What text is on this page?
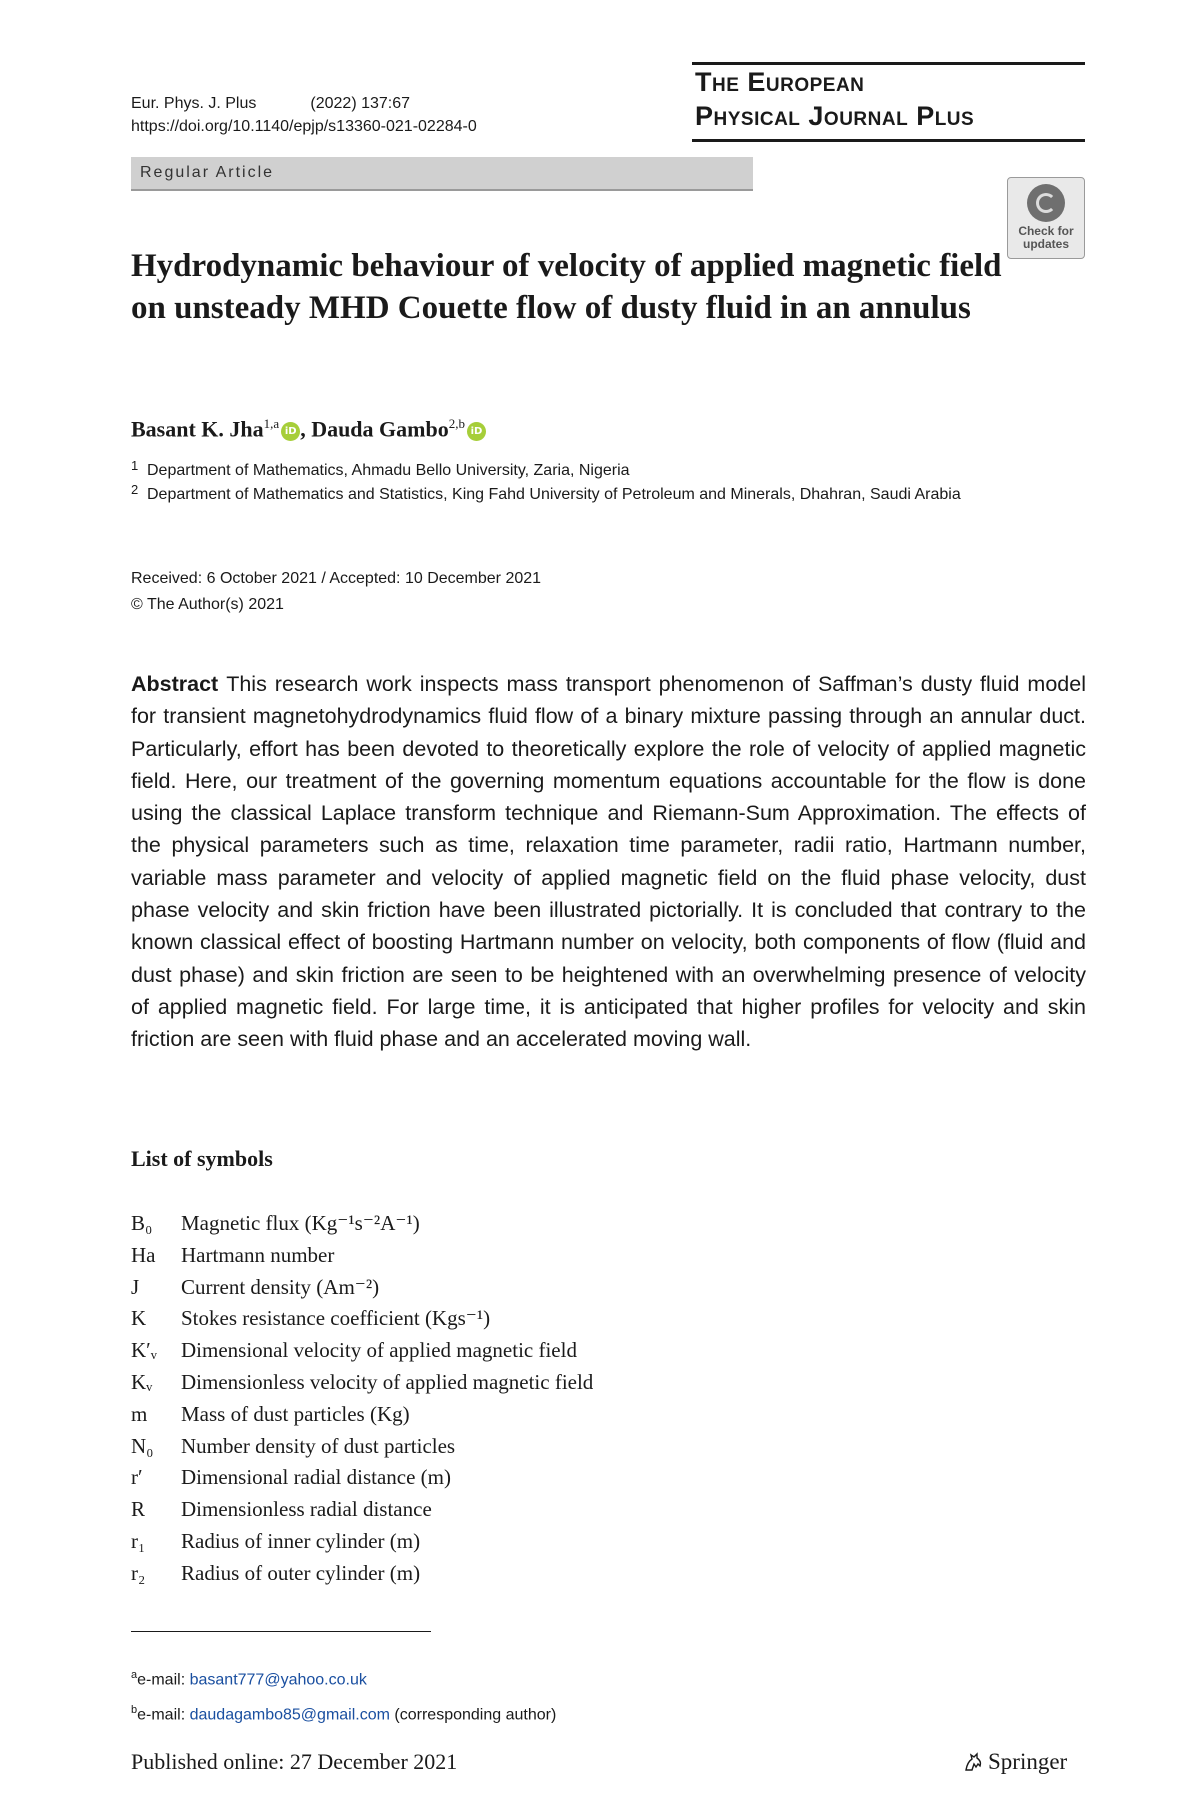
Eur. Phys. J. Plus	(2022) 137:67
https://doi.org/10.1140/epjp/s13360-021-02284-0
The European
Physical Journal Plus
Regular Article
Check for
updates
Hydrodynamic behaviour of velocity of applied magnetic field on unsteady MHD Couette flow of dusty fluid in an annulus
Basant K. Jha$^{1,a}$iD , Dauda Gambo$^{2,b}$iD
1 Department of Mathematics, Ahmadu Bello University, Zaria, Nigeria
2 Department of Mathematics and Statistics, King Fahd University of Petroleum and Minerals, Dhahran, Saudi Arabia
Received: 6 October 2021 / Accepted: 10 December 2021
© The Author(s) 2021

Abstract This research work inspects mass transport phenomenon of Saffman’s dusty fluid model for transient magnetohydrodynamics fluid flow of a binary mixture passing through an annular duct. Particularly, effort has been devoted to theoretically explore the role of velocity of applied magnetic field. Here, our treatment of the governing momentum equations accountable for the flow is done using the classical Laplace transform technique and Riemann-Sum Approximation. The effects of the physical parameters such as time, relaxation time parameter, radii ratio, Hartmann number, variable mass parameter and velocity of applied magnetic field on the fluid phase velocity, dust phase velocity and skin friction have been illustrated pictorially. It is concluded that contrary to the known classical effect of boosting Hartmann number on velocity, both components of flow (fluid and dust phase) and skin friction are seen to be heightened with an overwhelming presence of velocity of applied magnetic field. For large time, it is anticipated that higher profiles for velocity and skin friction are seen with fluid phase and an accelerated moving wall.

List of symbols
B₀	Magnetic flux (Kg⁻¹s⁻²A⁻¹)
Ha	Hartmann number
J	Current density (Am⁻²)
K	Stokes resistance coefficient (Kgs⁻¹)
K′ᵥ	Dimensional velocity of applied magnetic field
Kᵥ	Dimensionless velocity of applied magnetic field
m	Mass of dust particles (Kg)
N₀	Number density of dust particles
r′	Dimensional radial distance (m)
R	Dimensionless radial distance
r₁	Radius of inner cylinder (m)
r₂	Radius of outer cylinder (m)
$^a$e-mail: basant777@yahoo.co.uk
$^b$e-mail: daudagambo85@gmail.com (corresponding author)
Published online: 27 December 2021	Springer
